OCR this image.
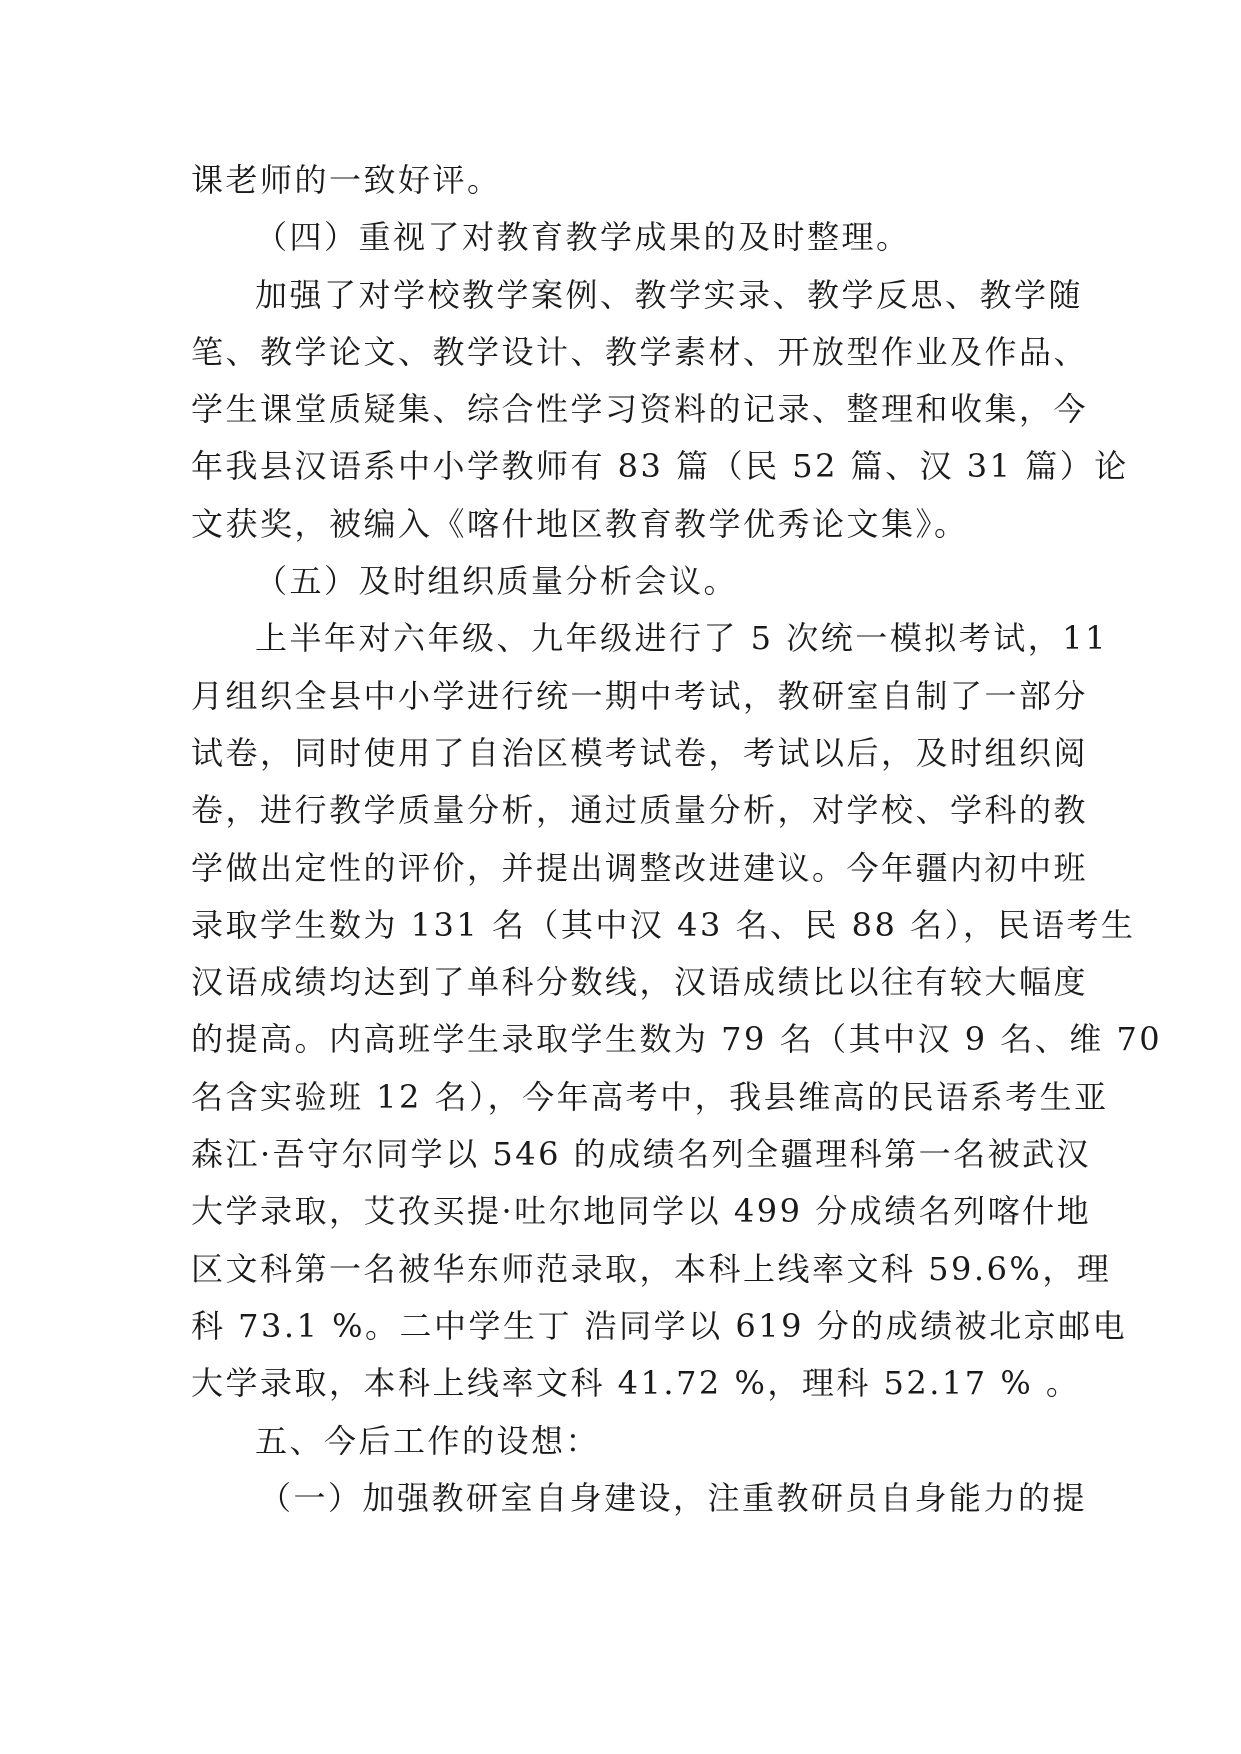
课老师的一致好评。
（四）重视了对教育教学成果的及时整理。
加强了对学校教学案例、教学实录、教学反思、教学随
笔、教学论文、教学设计、教学素材、开放型作业及作品、
学生课堂质疑集、综合性学习资料的记录、整理和收集，今
年我县汉语系中小学教师有 83 篇（民 52 篇、汉 31 篇）论
文获奖，被编入《喀什地区教育教学优秀论文集》。
（五）及时组织质量分析会议。
上半年对六年级、九年级进行了 5 次统一模拟考试，11
月组织全县中小学进行统一期中考试，教研室自制了一部分
试卷，同时使用了自治区模考试卷，考试以后，及时组织阅
卷，进行教学质量分析，通过质量分析，对学校、学科的教
学做出定性的评价，并提出调整改进建议。今年疆内初中班
录取学生数为 131 名（其中汉 43 名、民 88 名），民语考生
汉语成绩均达到了单科分数线，汉语成绩比以往有较大幅度
的提高。内高班学生录取学生数为 79 名（其中汉 9 名、维 70
名含实验班 12 名），今年高考中，我县维高的民语系考生亚
森江·吾守尔同学以 546 的成绩名列全疆理科第一名被武汉
大学录取，艾孜买提·吐尔地同学以 499 分成绩名列喀什地
区文科第一名被华东师范录取，本科上线率文科 59.6%，理
科 73.1 %。二中学生丁 浩同学以 619 分的成绩被北京邮电
大学录取，本科上线率文科 41.72 %，理科 52.17 % 。
五、今后工作的设想：
（一）加强教研室自身建设，注重教研员自身能力的提
